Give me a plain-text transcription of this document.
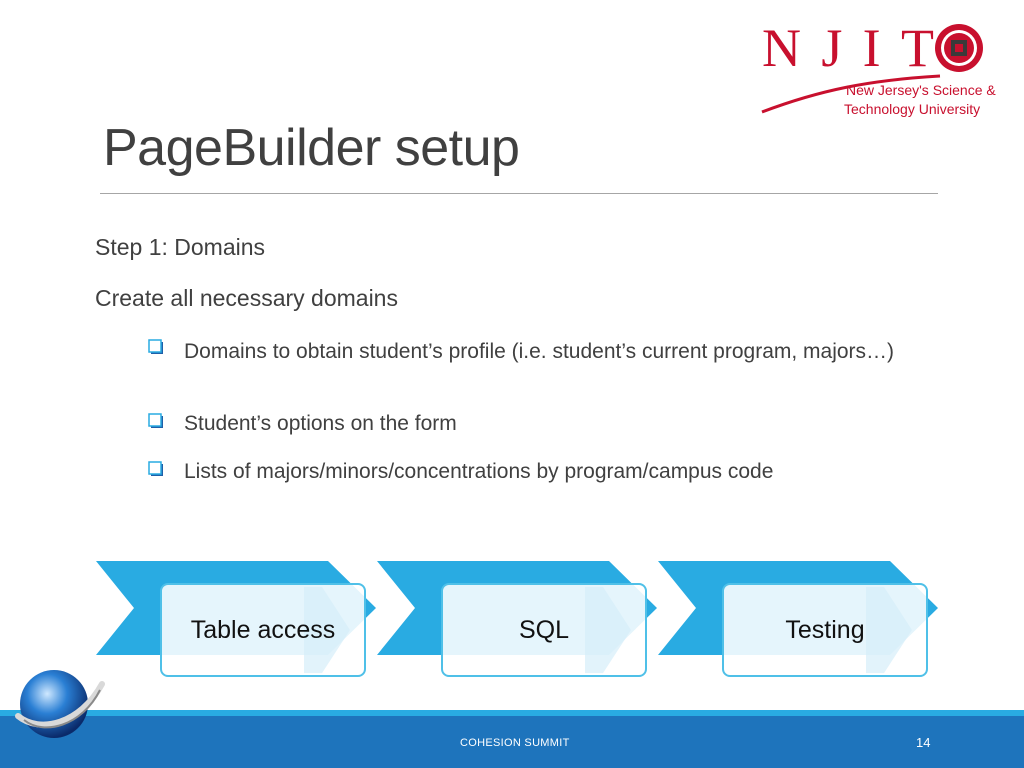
NJIT
New Jersey's Science &
Technology University
PageBuilder setup
Step 1: Domains
Create all necessary domains
Domains to obtain student’s profile (i.e. student’s current program, majors…)
Student’s options on the form
Lists of majors/minors/concentrations by program/campus code
Table access	SQL	Testing
COHESION SUMMIT	14
